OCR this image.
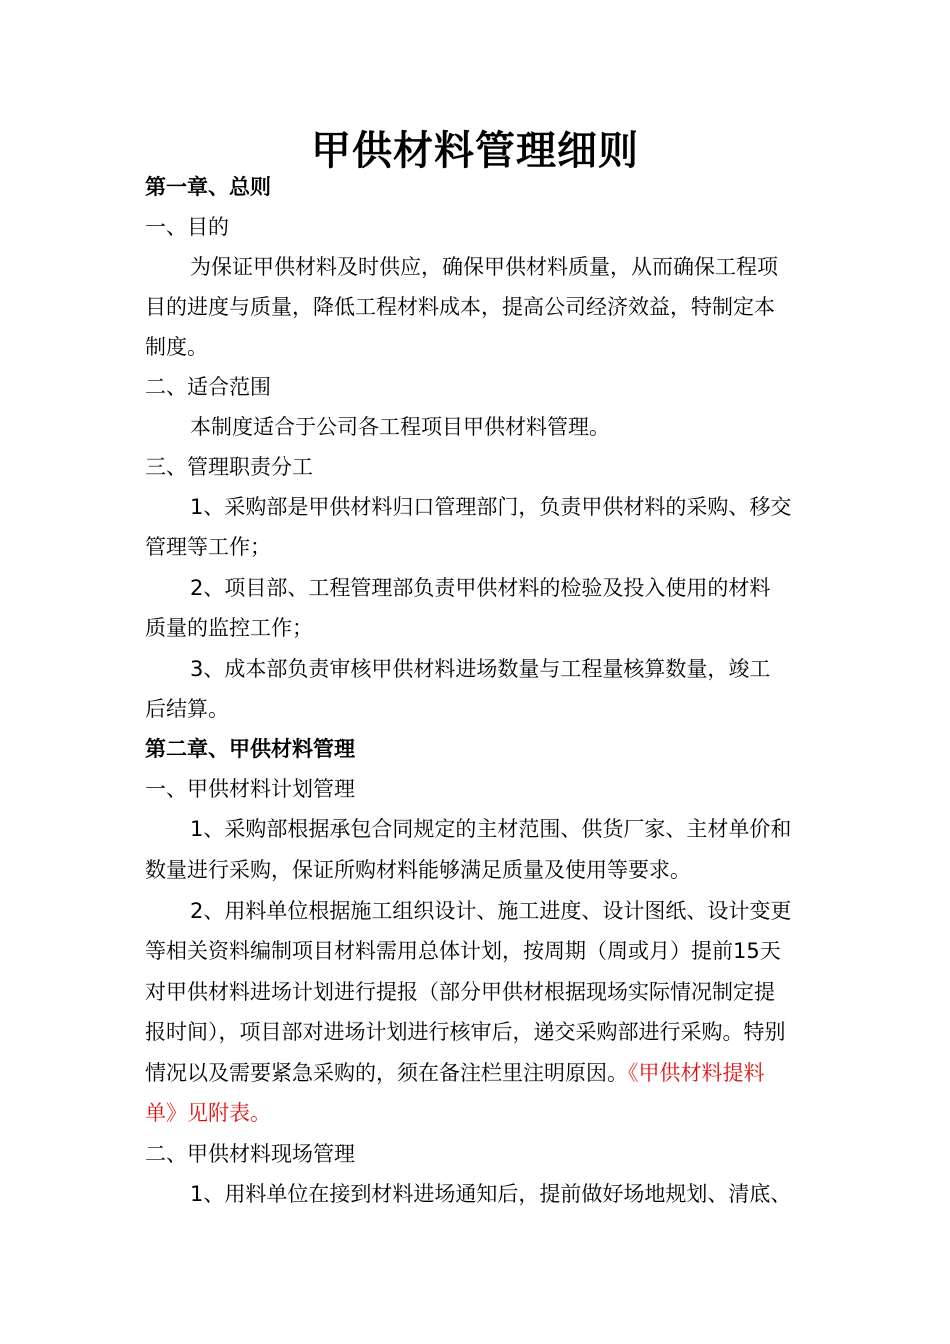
甲供材料管理细则
第一章、总则
一、目的
为保证甲供材料及时供应，确保甲供材料质量，从而确保工程项
目的进度与质量，降低工程材料成本，提高公司经济效益，特制定本
制度。
二、适合范围
本制度适合于公司各工程项目甲供材料管理。
三、管理职责分工
1、采购部是甲供材料归口管理部门，负责甲供材料的采购、移交
管理等工作；
2、项目部、工程管理部负责甲供材料的检验及投入使用的材料
质量的监控工作；
3、成本部负责审核甲供材料进场数量与工程量核算数量，竣工
后结算。
第二章、甲供材料管理
一、甲供材料计划管理
1、采购部根据承包合同规定的主材范围、供货厂家、主材单价和
数量进行采购，保证所购材料能够满足质量及使用等要求。
2、用料单位根据施工组织设计、施工进度、设计图纸、设计变更
等相关资料编制项目材料需用总体计划，按周期（周或月）提前15天
对甲供材料进场计划进行提报（部分甲供材根据现场实际情况制定提
报时间），项目部对进场计划进行核审后，递交采购部进行采购。特别
情况以及需要紧急采购的，须在备注栏里注明原因。《甲供材料提料
单》见附表。
二、甲供材料现场管理
1、用料单位在接到材料进场通知后，提前做好场地规划、清底、
